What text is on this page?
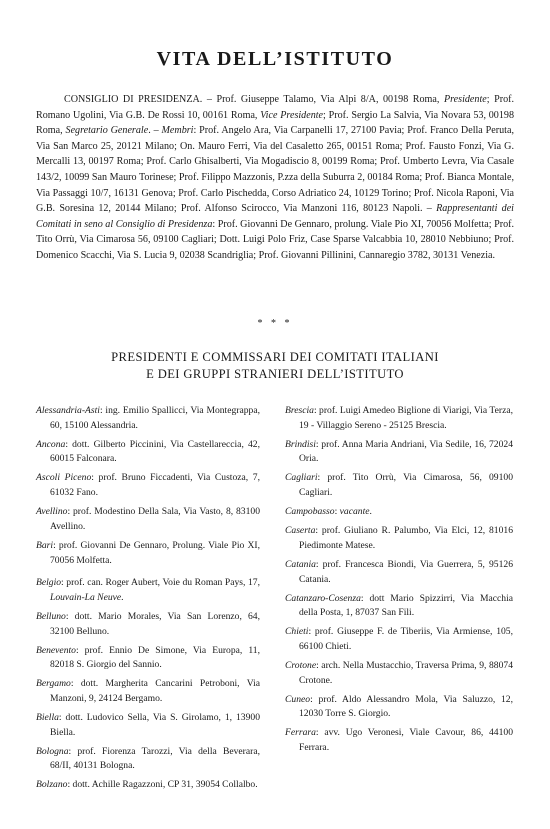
VITA DELL’ISTITUTO
CONSIGLIO DI PRESIDENZA. – Prof. Giuseppe Talamo, Via Alpi 8/A, 00198 Roma, Presidente; Prof. Romano Ugolini, Via G.B. De Rossi 10, 00161 Roma, Vice Presidente; Prof. Sergio La Salvia, Via Novara 53, 00198 Roma, Segretario Generale. – Membri: Prof. Angelo Ara, Via Carpanelli 17, 27100 Pavia; Prof. Franco Della Peruta, Via San Marco 25, 20121 Milano; On. Mauro Ferri, Via del Casaletto 265, 00151 Roma; Prof. Fausto Fonzi, Via G. Mercalli 13, 00197 Roma; Prof. Carlo Ghisalberti, Via Mogadiscio 8, 00199 Roma; Prof. Umberto Levra, Via Casale 143/2, 10099 San Mauro Torinese; Prof. Filippo Mazzonis, P.zza della Suburra 2, 00184 Roma; Prof. Bianca Montale, Via Passaggi 10/7, 16131 Genova; Prof. Carlo Pischedda, Corso Adriatico 24, 10129 Torino; Prof. Nicola Raponi, Via G.B. Soresina 12, 20144 Milano; Prof. Alfonso Scirocco, Via Manzoni 116, 80123 Napoli. – Rappresentanti dei Comitati in seno al Consiglio di Presidenza: Prof. Giovanni De Gennaro, prolung. Viale Pio XI, 70056 Molfetta; Prof. Tito Orrù, Via Cimarosa 56, 09100 Cagliari; Dott. Luigi Polo Friz, Case Sparse Valcabbia 10, 28010 Nebbiuno; Prof. Domenico Scacchi, Via S. Lucia 9, 02038 Scandriglia; Prof. Giovanni Pillinini, Cannaregio 3782, 30131 Venezia.
* * *
PRESIDENTI E COMMISSARI DEI COMITATI ITALIANI
E DEI GRUPPI STRANIERI DELL’ISTITUTO
Alessandria-Asti: ing. Emilio Spallicci, Via Montegrappa, 60, 15100 Alessandria.
Ancona: dott. Gilberto Piccinini, Via Castellareccia, 42, 60015 Falconara.
Ascoli Piceno: prof. Bruno Ficcadenti, Via Custoza, 7, 61032 Fano.
Avellino: prof. Modestino Della Sala, Via Vasto, 8, 83100 Avellino.
Bari: prof. Giovanni De Gennaro, Prolung. Viale Pio XI, 70056 Molfetta.
Belgio: prof. can. Roger Aubert, Voie du Roman Pays, 17, Louvain-La Neuve.
Belluno: dott. Mario Morales, Via San Lorenzo, 64, 32100 Belluno.
Benevento: prof. Ennio De Simone, Via Europa, 11, 82018 S. Giorgio del Sannio.
Bergamo: dott. Margherita Cancarini Petroboni, Via Manzoni, 9, 24124 Bergamo.
Biella: dott. Ludovico Sella, Via S. Girolamo, 1, 13900 Biella.
Bologna: prof. Fiorenza Tarozzi, Via della Beverara, 68/II, 40131 Bologna.
Bolzano: dott. Achille Ragazzoni, CP 31, 39054 Collalbo.
Brescia: prof. Luigi Amedeo Biglione di Viarigi, Via Terza, 19 - Villaggio Sereno - 25125 Brescia.
Brindisi: prof. Anna Maria Andriani, Via Sedile, 16, 72024 Oria.
Cagliari: prof. Tito Orrù, Via Cimarosa, 56, 09100 Cagliari.
Campobasso: vacante.
Caserta: prof. Giuliano R. Palumbo, Via Elci, 12, 81016 Piedimonte Matese.
Catania: prof. Francesca Biondi, Via Guerrera, 5, 95126 Catania.
Catanzaro-Cosenza: dott Mario Spizzirri, Via Macchia della Posta, 1, 87037 San Fili.
Chieti: prof. Giuseppe F. de Tiberiis, Via Armiense, 105, 66100 Chieti.
Crotone: arch. Nella Mustacchio, Traversa Prima, 9, 88074 Crotone.
Cuneo: prof. Aldo Alessandro Mola, Via Saluzzo, 12, 12030 Torre S. Giorgio.
Ferrara: avv. Ugo Veronesi, Viale Cavour, 86, 44100 Ferrara.
